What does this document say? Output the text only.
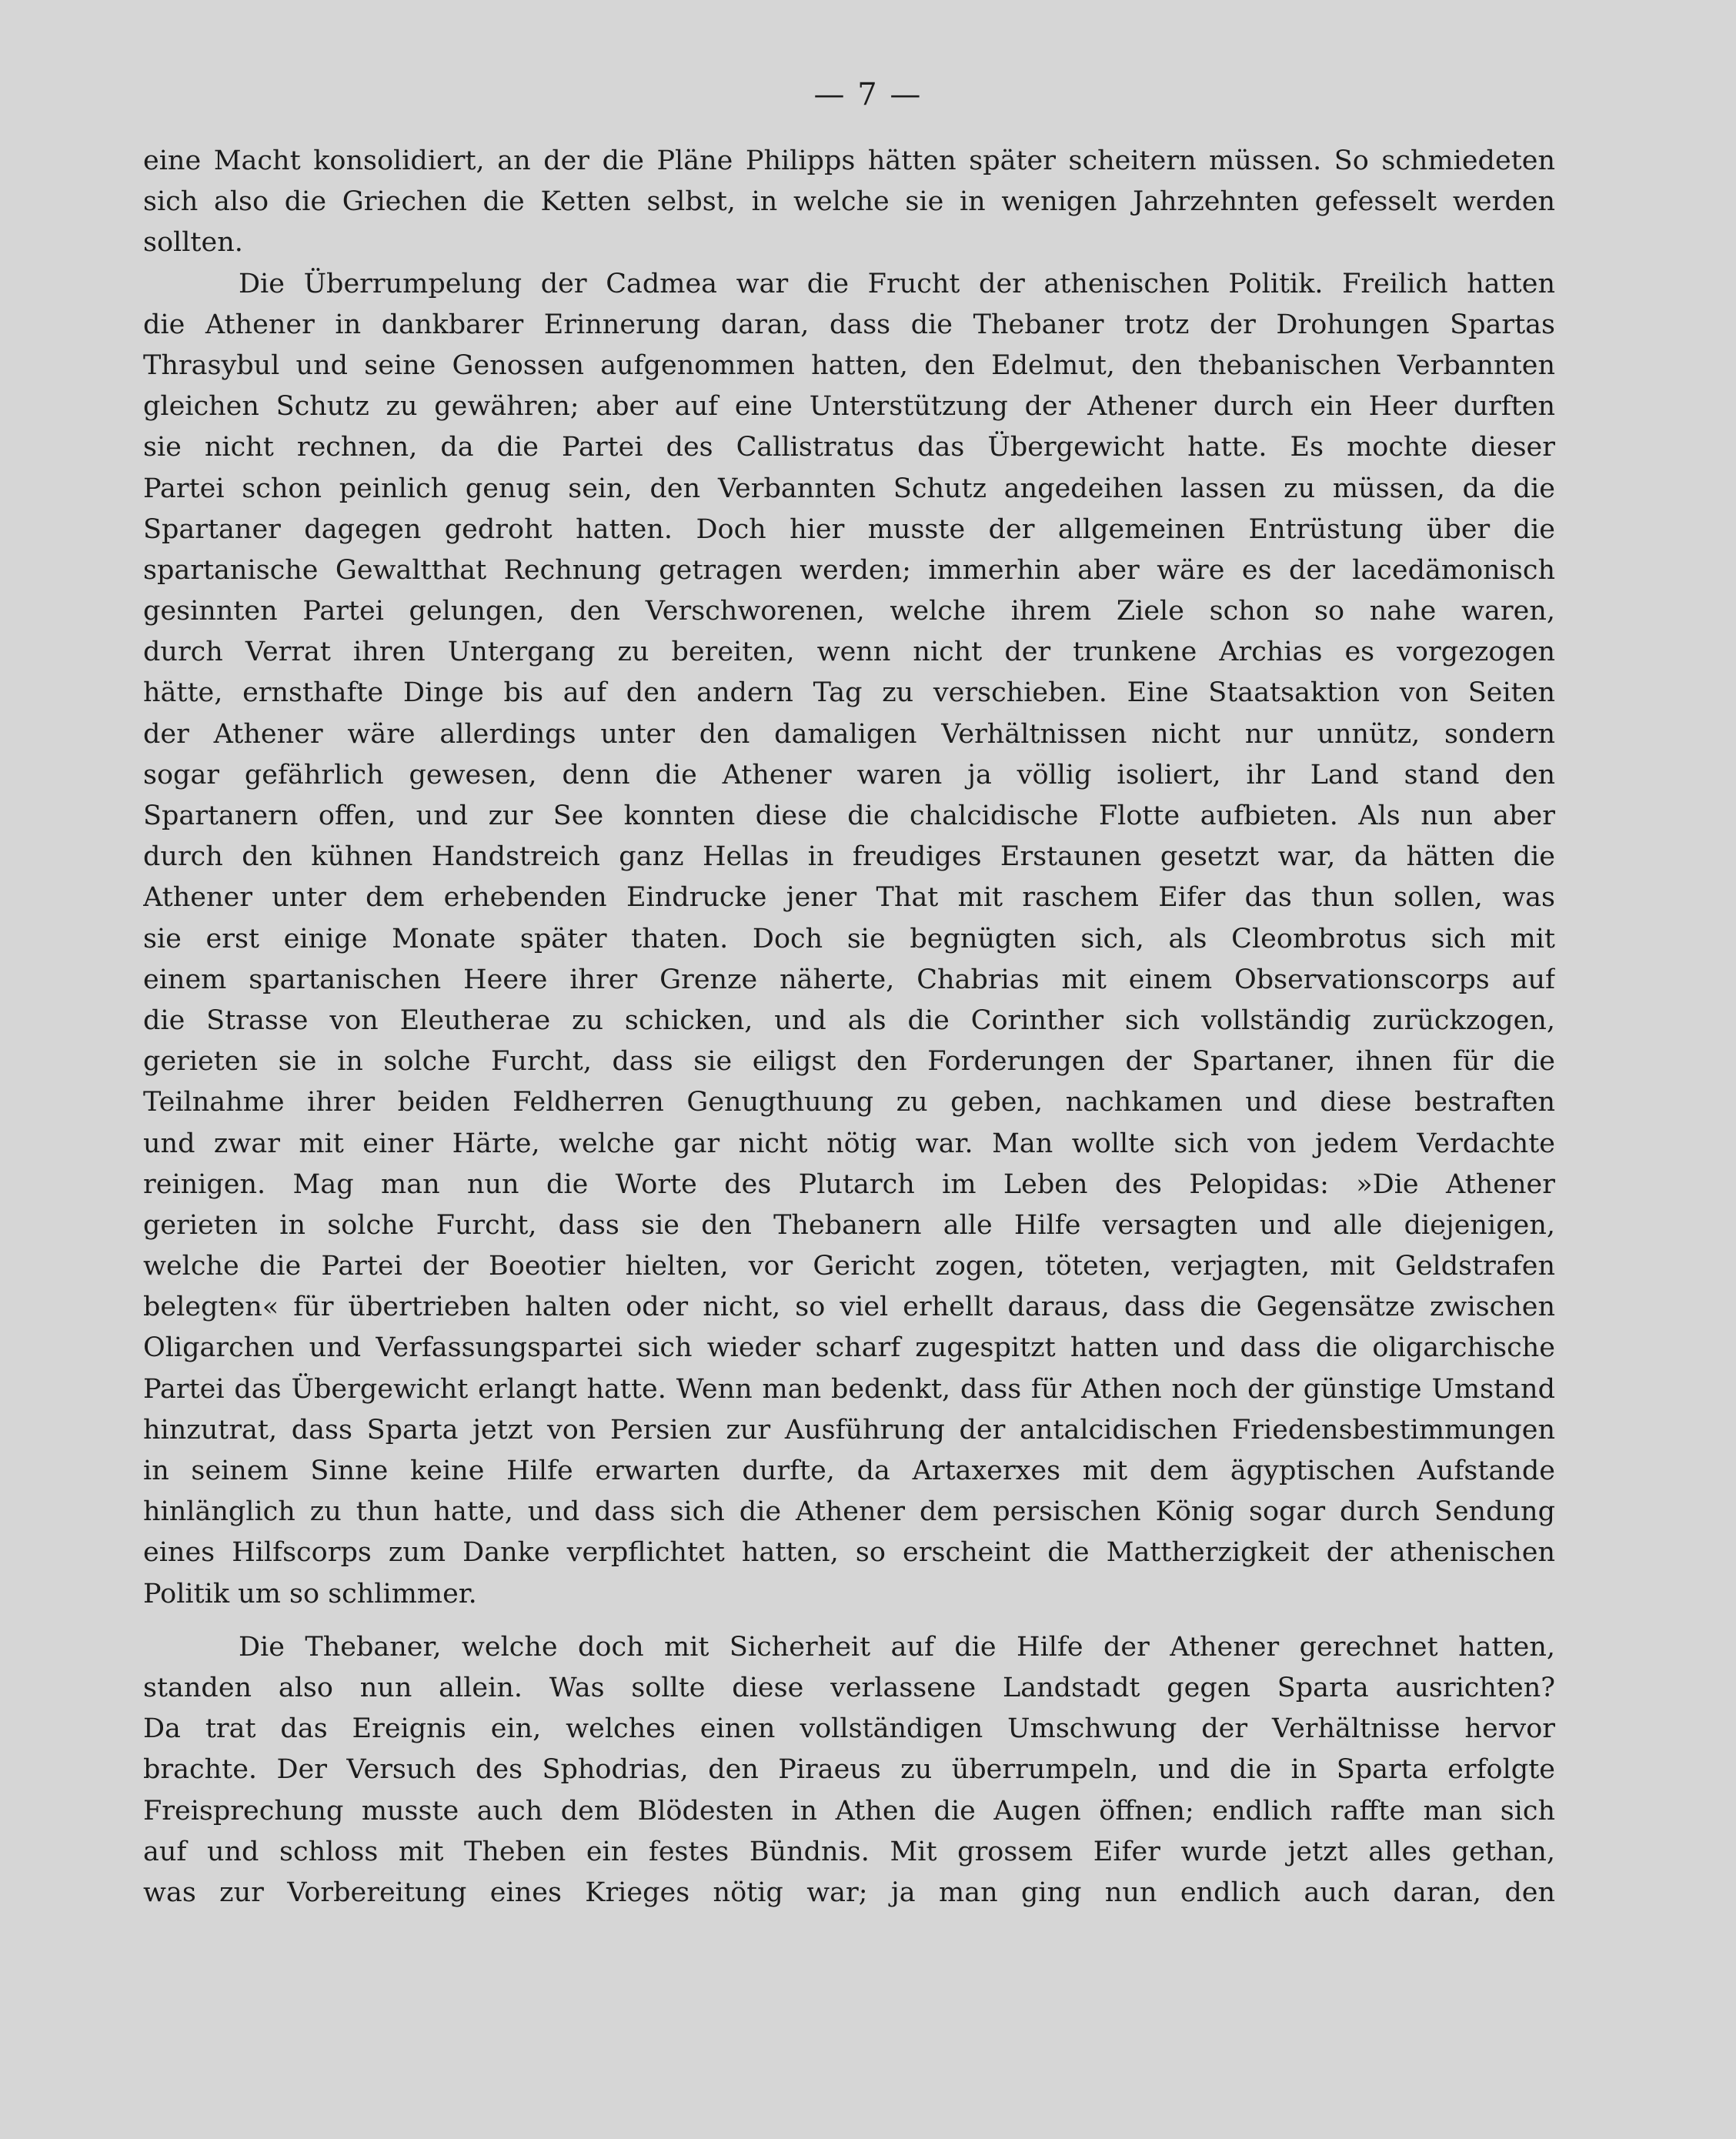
— 7 —
eine Macht konsolidiert, an der die Pläne Philipps hätten später scheitern müssen. So schmiedeten
sich also die Griechen die Ketten selbst, in welche sie in wenigen Jahrzehnten gefesselt werden
sollten.
Die Überrumpelung der Cadmea war die Frucht der athenischen Politik. Freilich hatten
die Athener in dankbarer Erinnerung daran, dass die Thebaner trotz der Drohungen Spartas
Thrasybul und seine Genossen aufgenommen hatten, den Edelmut, den thebanischen Verbannten
gleichen Schutz zu gewähren; aber auf eine Unterstützung der Athener durch ein Heer durften
sie nicht rechnen, da die Partei des Callistratus das Übergewicht hatte. Es mochte dieser
Partei schon peinlich genug sein, den Verbannten Schutz angedeihen lassen zu müssen, da die
Spartaner dagegen gedroht hatten. Doch hier musste der allgemeinen Entrüstung über die
spartanische Gewaltthat Rechnung getragen werden; immerhin aber wäre es der lacedämonisch
gesinnten Partei gelungen, den Verschworenen, welche ihrem Ziele schon so nahe waren,
durch Verrat ihren Untergang zu bereiten, wenn nicht der trunkene Archias es vorgezogen
hätte, ernsthafte Dinge bis auf den andern Tag zu verschieben. Eine Staatsaktion von Seiten
der Athener wäre allerdings unter den damaligen Verhältnissen nicht nur unnütz, sondern
sogar gefährlich gewesen, denn die Athener waren ja völlig isoliert, ihr Land stand den
Spartanern offen, und zur See konnten diese die chalcidische Flotte aufbieten. Als nun aber
durch den kühnen Handstreich ganz Hellas in freudiges Erstaunen gesetzt war, da hätten die
Athener unter dem erhebenden Eindrucke jener That mit raschem Eifer das thun sollen, was
sie erst einige Monate später thaten. Doch sie begnügten sich, als Cleombrotus sich mit
einem spartanischen Heere ihrer Grenze näherte, Chabrias mit einem Observationscorps auf
die Strasse von Eleutherae zu schicken, und als die Corinther sich vollständig zurückzogen,
gerieten sie in solche Furcht, dass sie eiligst den Forderungen der Spartaner, ihnen für die
Teilnahme ihrer beiden Feldherren Genugthuung zu geben, nachkamen und diese bestraften
und zwar mit einer Härte, welche gar nicht nötig war. Man wollte sich von jedem Verdachte
reinigen. Mag man nun die Worte des Plutarch im Leben des Pelopidas: »Die Athener
gerieten in solche Furcht, dass sie den Thebanern alle Hilfe versagten und alle diejenigen,
welche die Partei der Boeotier hielten, vor Gericht zogen, töteten, verjagten, mit Geldstrafen
belegten« für übertrieben halten oder nicht, so viel erhellt daraus, dass die Gegensätze zwischen
Oligarchen und Verfassungspartei sich wieder scharf zugespitzt hatten und dass die oligarchische
Partei das Übergewicht erlangt hatte. Wenn man bedenkt, dass für Athen noch der günstige Umstand
hinzutrat, dass Sparta jetzt von Persien zur Ausführung der antalcidischen Friedensbestimmungen
in seinem Sinne keine Hilfe erwarten durfte, da Artaxerxes mit dem ägyptischen Aufstande
hinlänglich zu thun hatte, und dass sich die Athener dem persischen König sogar durch Sendung
eines Hilfscorps zum Danke verpflichtet hatten, so erscheint die Mattherzigkeit der athenischen
Politik um so schlimmer.
Die Thebaner, welche doch mit Sicherheit auf die Hilfe der Athener gerechnet hatten,
standen also nun allein. Was sollte diese verlassene Landstadt gegen Sparta ausrichten?
Da trat das Ereignis ein, welches einen vollständigen Umschwung der Verhältnisse hervor
brachte. Der Versuch des Sphodrias, den Piraeus zu überrumpeln, und die in Sparta erfolgte
Freisprechung musste auch dem Blödesten in Athen die Augen öffnen; endlich raffte man sich
auf und schloss mit Theben ein festes Bündnis. Mit grossem Eifer wurde jetzt alles gethan,
was zur Vorbereitung eines Krieges nötig war; ja man ging nun endlich auch daran, den
